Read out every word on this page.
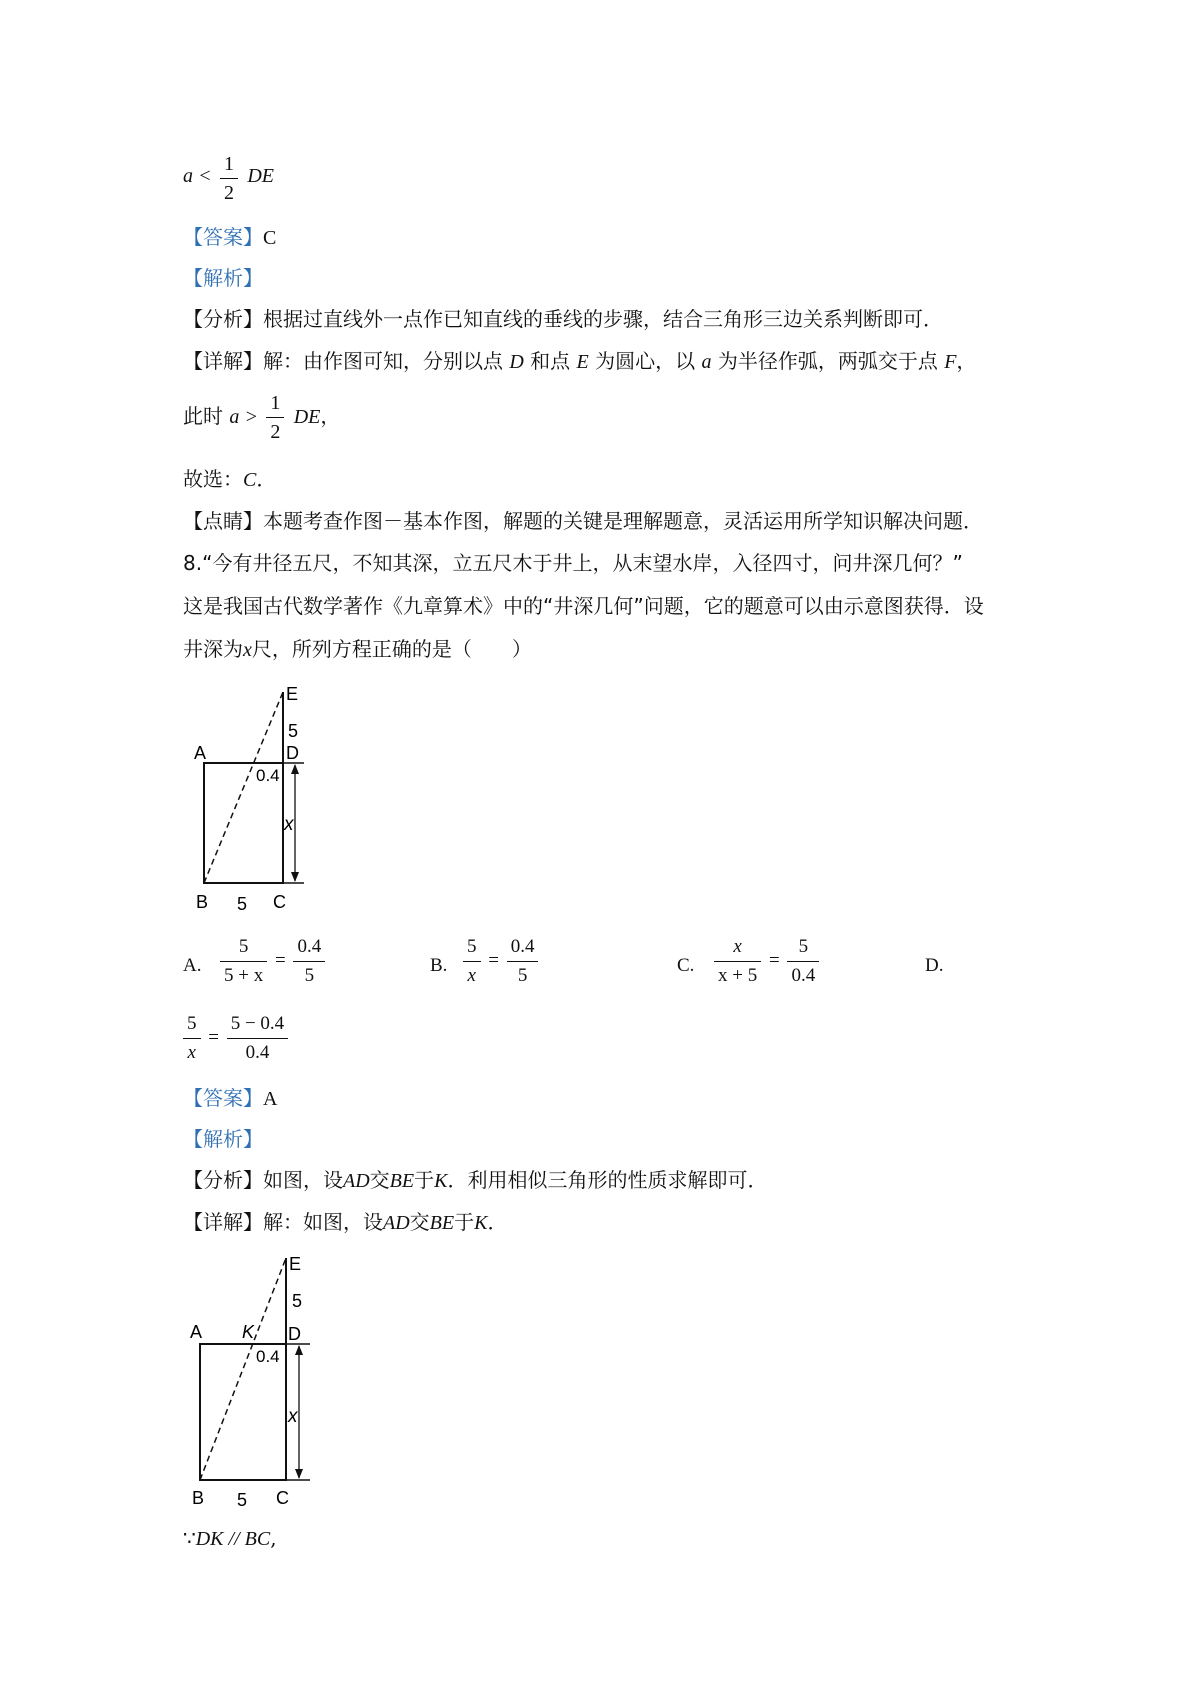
$a < \frac{1}{2}$ DE
【答案】C
【解析】
【分析】根据过直线外一点作已知直线的垂线的步骤，结合三角形三边关系判断即可．
【详解】解：由作图可知，分别以点 D 和点 E 为圆心，以 a 为半径作弧，两弧交于点 F，
此时 $a > \frac{1}{2}$ DE，
故选：C．
【点睛】本题考查作图－基本作图，解题的关键是理解题意，灵活运用所学知识解决问题．
8.“今有井径五尺，不知其深，立五尺木于井上，从末望水岸，入径四寸，问井深几何？”
这是我国古代数学著作《九章算术》中的“井深几何”问题，它的题意可以由示意图获得．设
井深为x尺，所列方程正确的是（　　）
E
5
A	D
0.4
x
B 5 C
A. $\frac{5}{5 + x} = \frac{0.4}{5}$	B. $\frac{5}{x} = \frac{0.4}{5}$	C. $\frac{x}{x + 5} = \frac{5}{0.4}$	D.
$\frac{5}{x} = \frac{5 - 0.4}{0.4}$
【答案】A
【解析】
【分析】如图，设AD交BE于K．利用相似三角形的性质求解即可．
【详解】解：如图，设AD交BE于K．
E
5
A K D
0.4
x
B 5 C
∵DK // BC,
